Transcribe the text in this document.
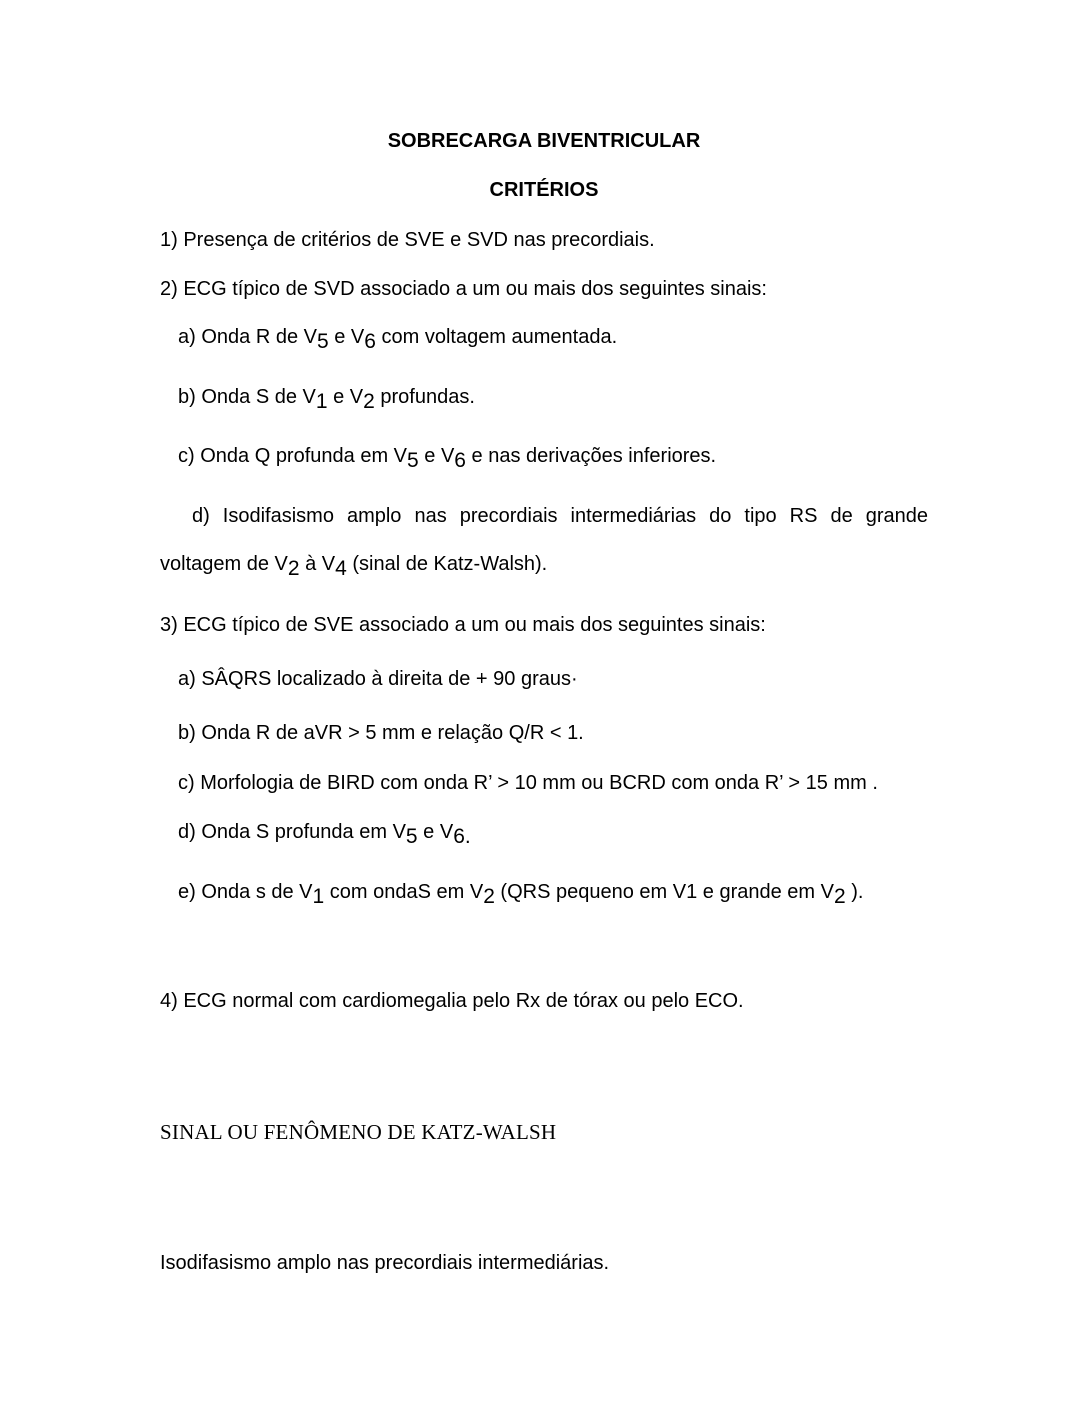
SOBRECARGA BIVENTRICULAR
CRITÉRIOS
1) Presença de critérios de SVE e SVD nas precordiais.
2) ECG típico de SVD associado a um ou mais dos seguintes sinais:
a) Onda R de V5 e V6 com voltagem aumentada.
b) Onda S de V1 e V2 profundas.
c) Onda Q profunda em V5 e V6 e nas derivações inferiores.
d) Isodifasismo amplo nas precordiais intermediárias do tipo RS de grande
voltagem de V2 à V4 (sinal de Katz-Walsh).
3) ECG típico de SVE associado a um ou mais dos seguintes sinais:
a) SÂQRS localizado à direita de + 90 graus·
b) Onda R de aVR > 5 mm e relação Q/R < 1.
c) Morfologia de BIRD com onda R’ > 10 mm ou BCRD com onda R’ > 15 mm .
d) Onda S profunda em V5 e V6.
e) Onda s de V1 com ondaS em V2 (QRS pequeno em V1 e grande em V2 ).
4) ECG normal com cardiomegalia pelo Rx de tórax ou pelo ECO.
SINAL OU FENÔMENO DE KATZ-WALSH
Isodifasismo amplo nas precordiais intermediárias.
